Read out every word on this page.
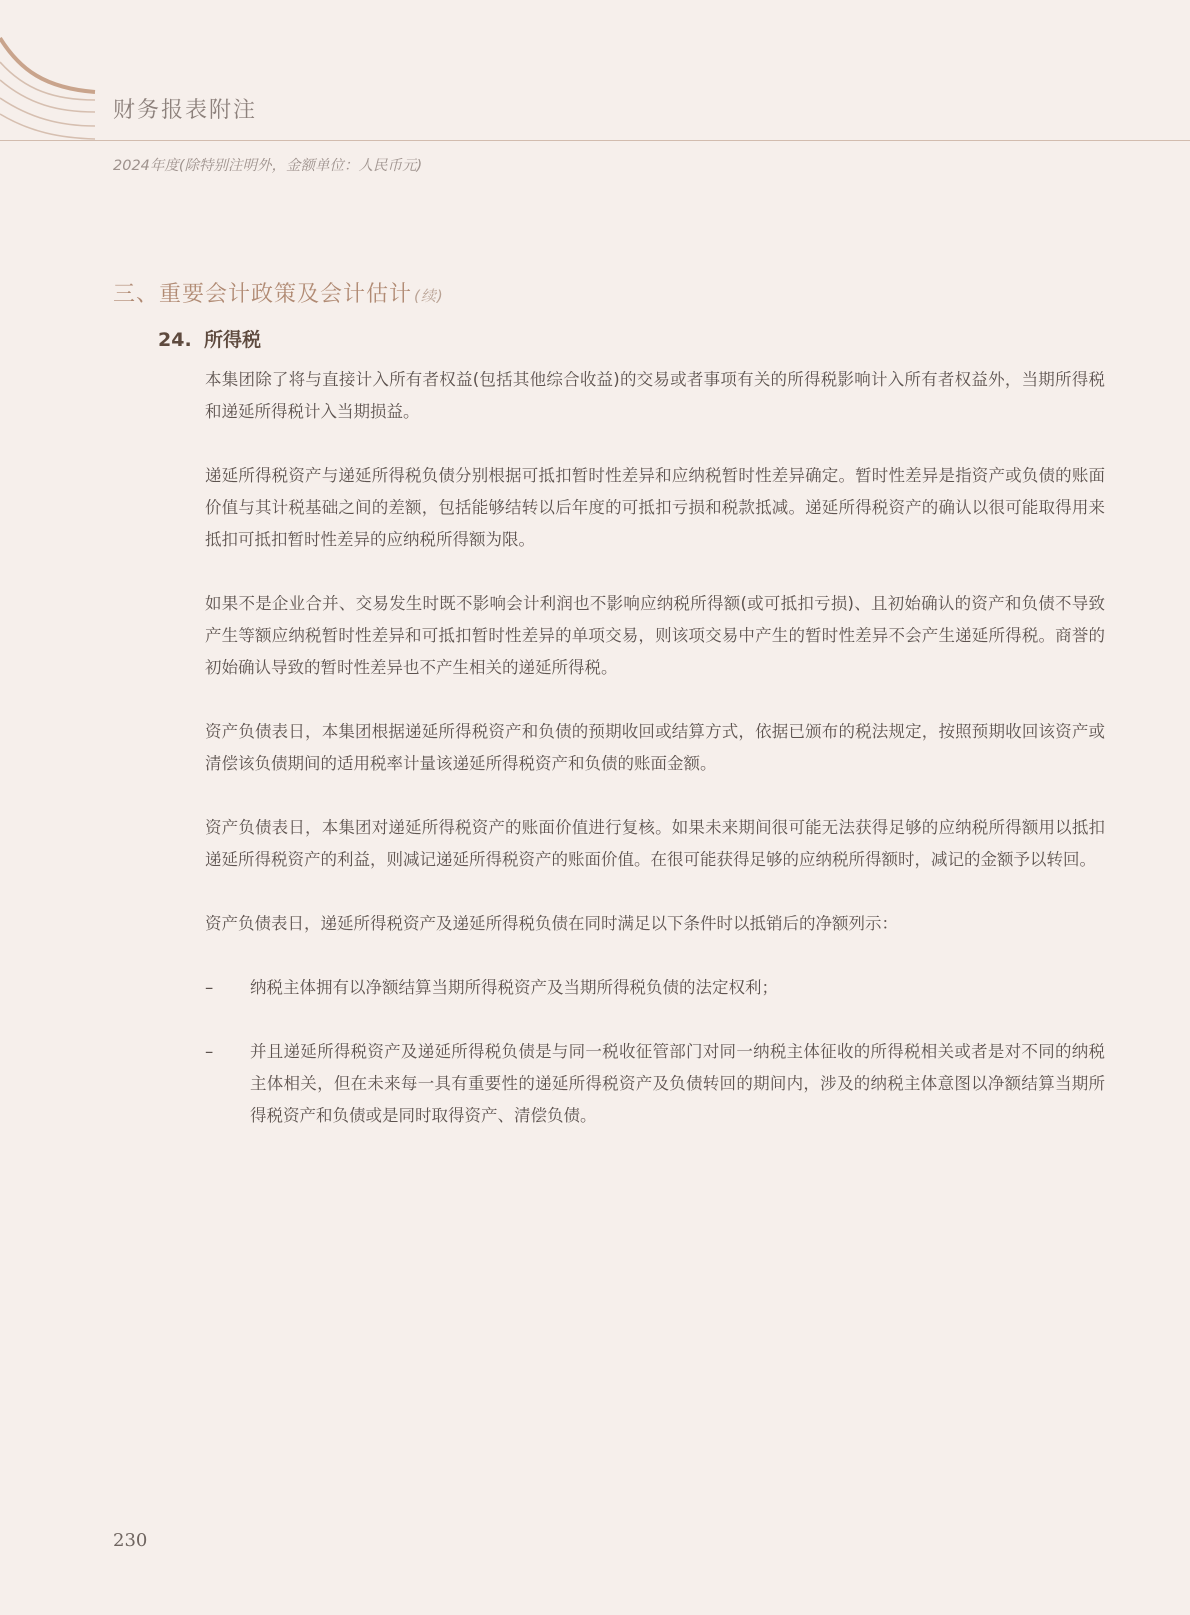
财务报表附注
2024年度(除特别注明外，金额单位：人民币元)
三、重要会计政策及会计估计 (续)
24. 所得税

本集团除了将与直接计入所有者权益(包括其他综合收益)的交易或者事项有关的所得税影响计入所有者权益外，当期所得税和递延所得税计入当期损益。

递延所得税资产与递延所得税负债分别根据可抵扣暂时性差异和应纳税暂时性差异确定。暂时性差异是指资产或负债的账面价值与其计税基础之间的差额，包括能够结转以后年度的可抵扣亏损和税款抵减。递延所得税资产的确认以很可能取得用来抵扣可抵扣暂时性差异的应纳税所得额为限。

如果不是企业合并、交易发生时既不影响会计利润也不影响应纳税所得额(或可抵扣亏损)、且初始确认的资产和负债不导致产生等额应纳税暂时性差异和可抵扣暂时性差异的单项交易，则该项交易中产生的暂时性差异不会产生递延所得税。商誉的初始确认导致的暂时性差异也不产生相关的递延所得税。

资产负债表日，本集团根据递延所得税资产和负债的预期收回或结算方式，依据已颁布的税法规定，按照预期收回该资产或清偿该负债期间的适用税率计量该递延所得税资产和负债的账面金额。

资产负债表日，本集团对递延所得税资产的账面价值进行复核。如果未来期间很可能无法获得足够的应纳税所得额用以抵扣递延所得税资产的利益，则减记递延所得税资产的账面价值。在很可能获得足够的应纳税所得额时，减记的金额予以转回。

资产负债表日，递延所得税资产及递延所得税负债在同时满足以下条件时以抵销后的净额列示：

–	纳税主体拥有以净额结算当期所得税资产及当期所得税负债的法定权利；
–	并且递延所得税资产及递延所得税负债是与同一税收征管部门对同一纳税主体征收的所得税相关或者是对不同的纳税主体相关，但在未来每一具有重要性的递延所得税资产及负债转回的期间内，涉及的纳税主体意图以净额结算当期所得税资产和负债或是同时取得资产、清偿负债。
230
